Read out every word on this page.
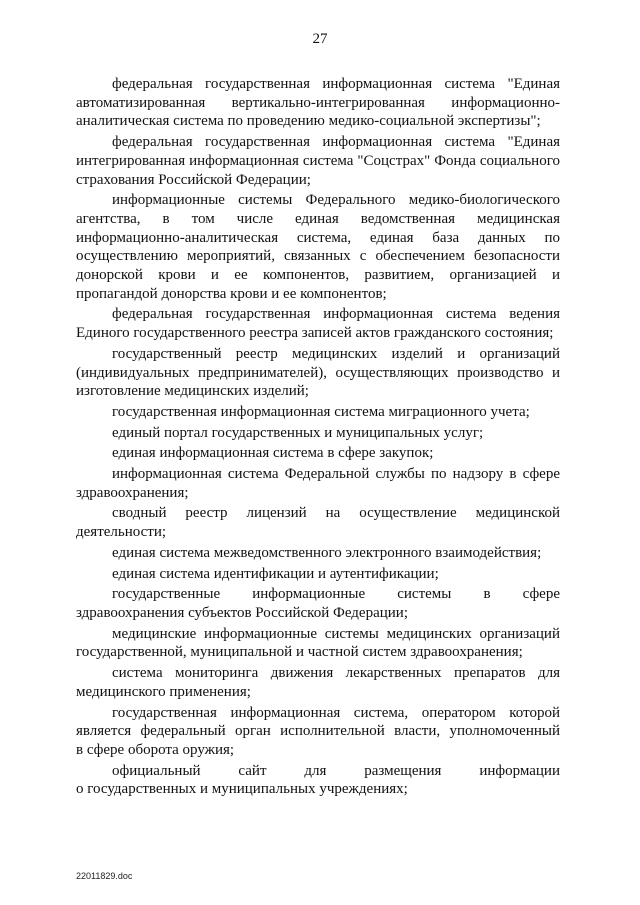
27
федеральная государственная информационная система "Единая
автоматизированная вертикально-интегрированная информационно-
аналитическая система по проведению медико-социальной экспертизы";
федеральная государственная информационная система "Единая
интегрированная информационная система "Соцстрах" Фонда социального
страхования Российской Федерации;
информационные системы Федерального медико-биологического
агентства, в том числе единая ведомственная медицинская
информационно-аналитическая система, единая база данных по
осуществлению мероприятий, связанных с обеспечением безопасности
донорской крови и ее компонентов, развитием, организацией и
пропагандой донорства крови и ее компонентов;
федеральная государственная информационная система ведения
Единого государственного реестра записей актов гражданского состояния;
государственный реестр медицинских изделий и организаций
(индивидуальных предпринимателей), осуществляющих производство и
изготовление медицинских изделий;
государственная информационная система миграционного учета;
единый портал государственных и муниципальных услуг;
единая информационная система в сфере закупок;
информационная система Федеральной службы по надзору в сфере
здравоохранения;
сводный реестр лицензий на осуществление медицинской
деятельности;
единая система межведомственного электронного взаимодействия;
единая система идентификации и аутентификации;
государственные информационные системы в сфере
здравоохранения субъектов Российской Федерации;
медицинские информационные системы медицинских организаций
государственной, муниципальной и частной систем здравоохранения;
система мониторинга движения лекарственных препаратов для
медицинского применения;
государственная информационная система, оператором которой
является федеральный орган исполнительной власти, уполномоченный
в сфере оборота оружия;
официальный сайт для размещения информации
о государственных и муниципальных учреждениях;
22011829.doc
